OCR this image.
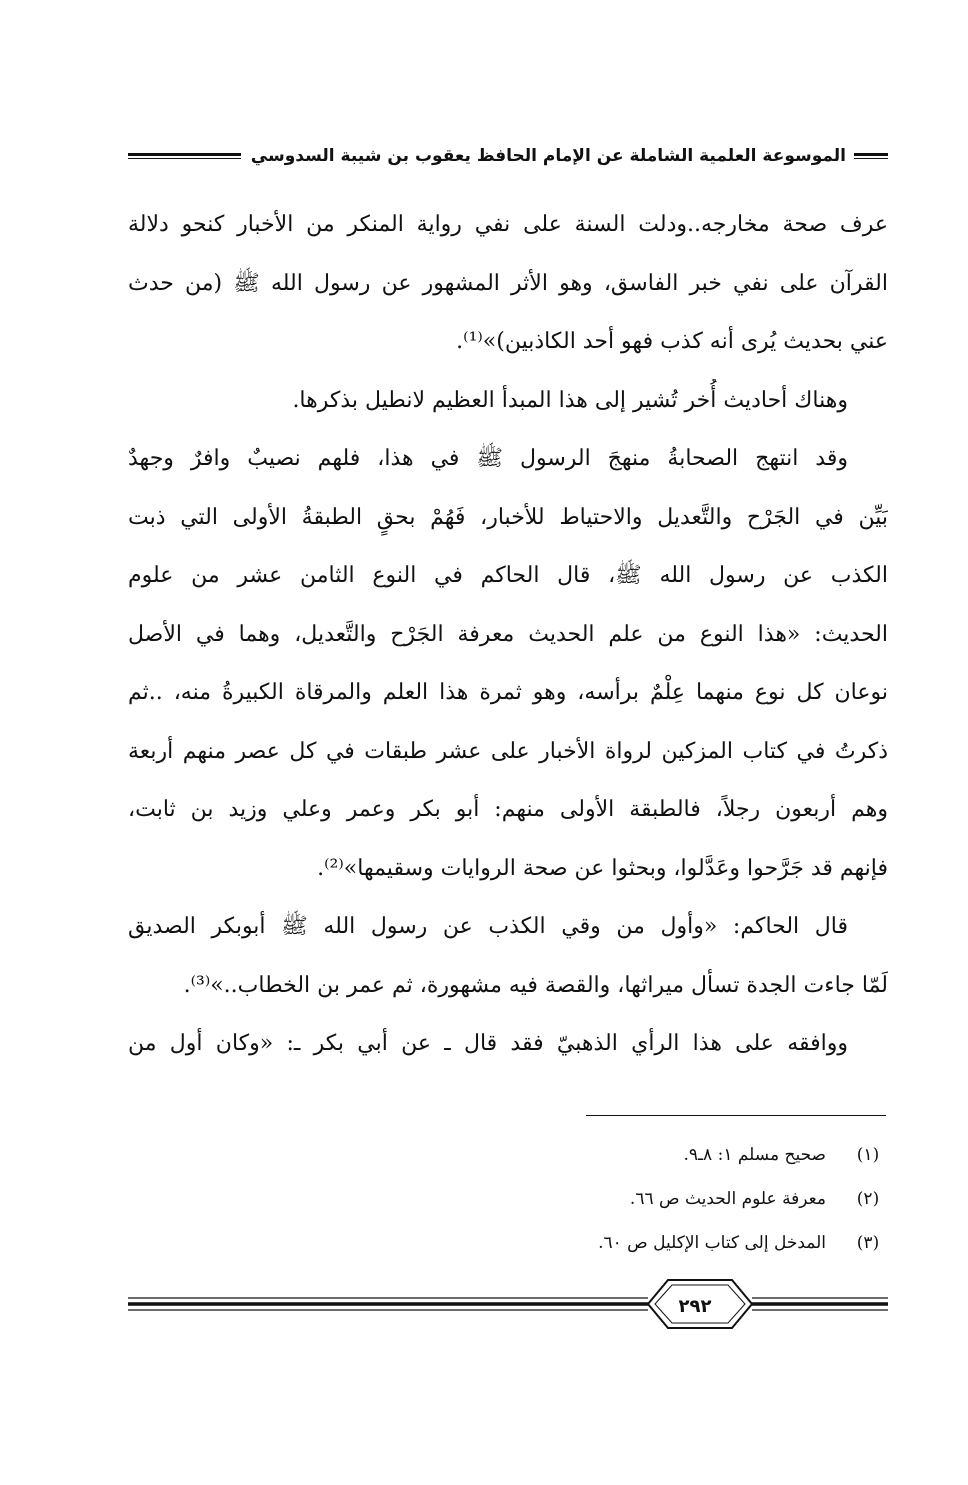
الموسوعة العلمية الشاملة عن الإمام الحافظ يعقوب بن شيبة السدوسي
عرف صحة مخارجه..ودلت السنة على نفي رواية المنكر من الأخبار كنحو دلالة
القرآن على نفي خبر الفاسق، وهو الأثر المشهور عن رسول الله ﷺ (من حدث
عني بحديث يُرى أنه كذب فهو أحد الكاذبين)»⁽¹⁾.
وهناك أحاديث أُخر تُشير إلى هذا المبدأ العظيم لانطيل بذكرها.
وقد انتهج الصحابةُ منهجَ الرسول ﷺ في هذا، فلهم نصيبٌ وافرٌ وجهدٌ
بَيِّن في الجَرْح والتَّعديل والاحتياط للأخبار، فَهُمْ بحقٍ الطبقةُ الأولى التي ذبت
الكذب عن رسول الله ﷺ، قال الحاكم في النوع الثامن عشر من علوم
الحديث: «هذا النوع من علم الحديث معرفة الجَرْح والتَّعديل، وهما في الأصل
نوعان كل نوع منهما عِلْمٌ برأسه، وهو ثمرة هذا العلم والمرقاة الكبيرةُ منه، ..ثم
ذكرتُ في كتاب المزكين لرواة الأخبار على عشر طبقات في كل عصر منهم أربعة
وهم أربعون رجلاً، فالطبقة الأولى منهم: أبو بكر وعمر وعلي وزيد بن ثابت،
فإنهم قد جَرَّحوا وعَدَّلوا، وبحثوا عن صحة الروايات وسقيمها»⁽²⁾.
قال الحاكم: «وأول من وقي الكذب عن رسول الله ﷺ أبوبكر الصديق
لَمّا جاءت الجدة تسأل ميراثها، والقصة فيه مشهورة، ثم عمر بن الخطاب..»⁽³⁾.
ووافقه على هذا الرأي الذهبيّ فقد قال ـ عن أبي بكر ـ: «وكان أول من
(١)
صحيح مسلم ١: ٨ـ٩.
(٢)
معرفة علوم الحديث ص ٦٦.
(٣)
المدخل إلى كتاب الإكليل ص ٦٠.
٢٩٢
